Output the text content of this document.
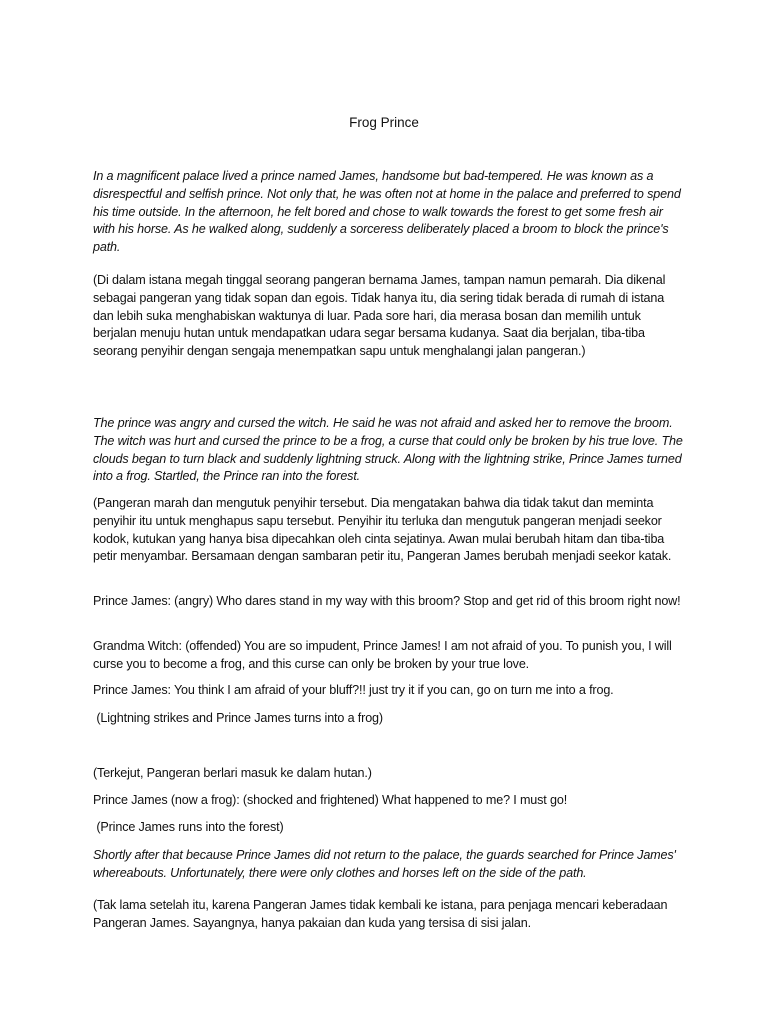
Frog Prince

In a magnificent palace lived a prince named James, handsome but bad-tempered. He was known as a disrespectful and selfish prince. Not only that, he was often not at home in the palace and preferred to spend his time outside. In the afternoon, he felt bored and chose to walk towards the forest to get some fresh air with his horse. As he walked along, suddenly a sorceress deliberately placed a broom to block the prince's path.

(Di dalam istana megah tinggal seorang pangeran bernama James, tampan namun pemarah. Dia dikenal sebagai pangeran yang tidak sopan dan egois. Tidak hanya itu, dia sering tidak berada di rumah di istana dan lebih suka menghabiskan waktunya di luar. Pada sore hari, dia merasa bosan dan memilih untuk berjalan menuju hutan untuk mendapatkan udara segar bersama kudanya. Saat dia berjalan, tiba-tiba seorang penyihir dengan sengaja menempatkan sapu untuk menghalangi jalan pangeran.)

The prince was angry and cursed the witch. He said he was not afraid and asked her to remove the broom. The witch was hurt and cursed the prince to be a frog, a curse that could only be broken by his true love. The clouds began to turn black and suddenly lightning struck. Along with the lightning strike, Prince James turned into a frog. Startled, the Prince ran into the forest.

(Pangeran marah dan mengutuk penyihir tersebut. Dia mengatakan bahwa dia tidak takut dan meminta penyihir itu untuk menghapus sapu tersebut. Penyihir itu terluka dan mengutuk pangeran menjadi seekor kodok, kutukan yang hanya bisa dipecahkan oleh cinta sejatinya. Awan mulai berubah hitam dan tiba-tiba petir menyambar. Bersamaan dengan sambaran petir itu, Pangeran James berubah menjadi seekor katak.

Prince James: (angry) Who dares stand in my way with this broom? Stop and get rid of this broom right now!

Grandma Witch: (offended) You are so impudent, Prince James! I am not afraid of you. To punish you, I will curse you to become a frog, and this curse can only be broken by your true love.

Prince James: You think I am afraid of your bluff?!! just try it if you can, go on turn me into a frog.

(Lightning strikes and Prince James turns into a frog)

(Terkejut, Pangeran berlari masuk ke dalam hutan.)

Prince James (now a frog): (shocked and frightened) What happened to me? I must go!

(Prince James runs into the forest)

Shortly after that because Prince James did not return to the palace, the guards searched for Prince James' whereabouts. Unfortunately, there were only clothes and horses left on the side of the path.

(Tak lama setelah itu, karena Pangeran James tidak kembali ke istana, para penjaga mencari keberadaan Pangeran James. Sayangnya, hanya pakaian dan kuda yang tersisa di sisi jalan.
